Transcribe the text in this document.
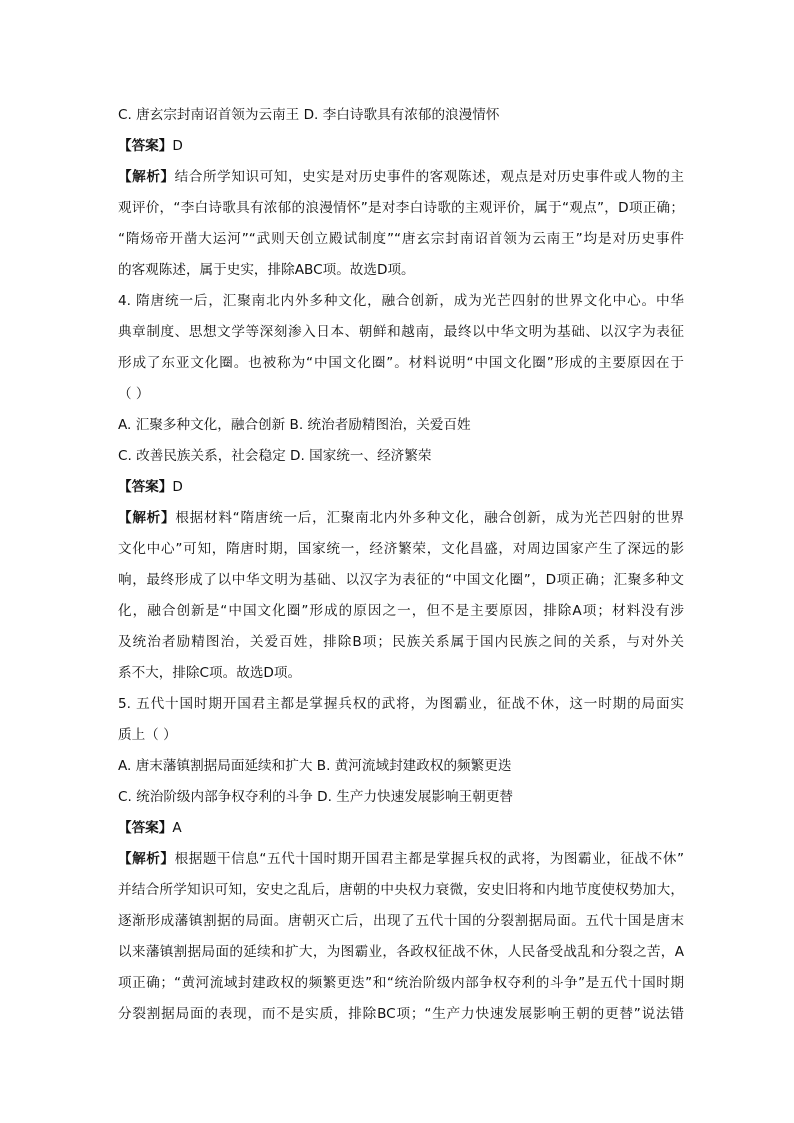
C. 唐玄宗封南诏首领为云南王 D. 李白诗歌具有浓郁的浪漫情怀
【答案】D
【解析】结合所学知识可知，史实是对历史事件的客观陈述，观点是对历史事件或人物的主
观评价，“李白诗歌具有浓郁的浪漫情怀”是对李白诗歌的主观评价，属于“观点”，D项正确；
“隋炀帝开凿大运河”“武则天创立殿试制度”“唐玄宗封南诏首领为云南王”均是对历史事件
的客观陈述，属于史实，排除ABC项。故选D项。
4. 隋唐统一后，汇聚南北内外多种文化，融合创新，成为光芒四射的世界文化中心。中华
典章制度、思想文学等深刻渗入日本、朝鲜和越南，最终以中华文明为基础、以汉字为表征
形成了东亚文化圈。也被称为“中国文化圈”。材料说明“中国文化圈”形成的主要原因在于
（ ）
A. 汇聚多种文化，融合创新 B. 统治者励精图治，关爱百姓
C. 改善民族关系，社会稳定 D. 国家统一、经济繁荣
【答案】D
【解析】根据材料“隋唐统一后，汇聚南北内外多种文化，融合创新，成为光芒四射的世界
文化中心”可知，隋唐时期，国家统一，经济繁荣，文化昌盛，对周边国家产生了深远的影
响，最终形成了以中华文明为基础、以汉字为表征的“中国文化圈”，D项正确；汇聚多种文
化，融合创新是“中国文化圈”形成的原因之一，但不是主要原因，排除A项；材料没有涉
及统治者励精图治，关爱百姓，排除B项；民族关系属于国内民族之间的关系，与对外关
系不大，排除C项。故选D项。
5. 五代十国时期开国君主都是掌握兵权的武将，为图霸业，征战不休，这一时期的局面实
质上（ ）
A. 唐末藩镇割据局面延续和扩大 B. 黄河流域封建政权的频繁更迭
C. 统治阶级内部争权夺利的斗争 D. 生产力快速发展影响王朝更替
【答案】A
【解析】根据题干信息“五代十国时期开国君主都是掌握兵权的武将，为图霸业，征战不休”
并结合所学知识可知，安史之乱后，唐朝的中央权力衰微，安史旧将和内地节度使权势加大，
逐渐形成藩镇割据的局面。唐朝灭亡后，出现了五代十国的分裂割据局面。五代十国是唐末
以来藩镇割据局面的延续和扩大，为图霸业，各政权征战不休，人民备受战乱和分裂之苦，A
项正确；“黄河流域封建政权的频繁更迭”和“统治阶级内部争权夺利的斗争”是五代十国时期
分裂割据局面的表现，而不是实质，排除BC项；“生产力快速发展影响王朝的更替”说法错
